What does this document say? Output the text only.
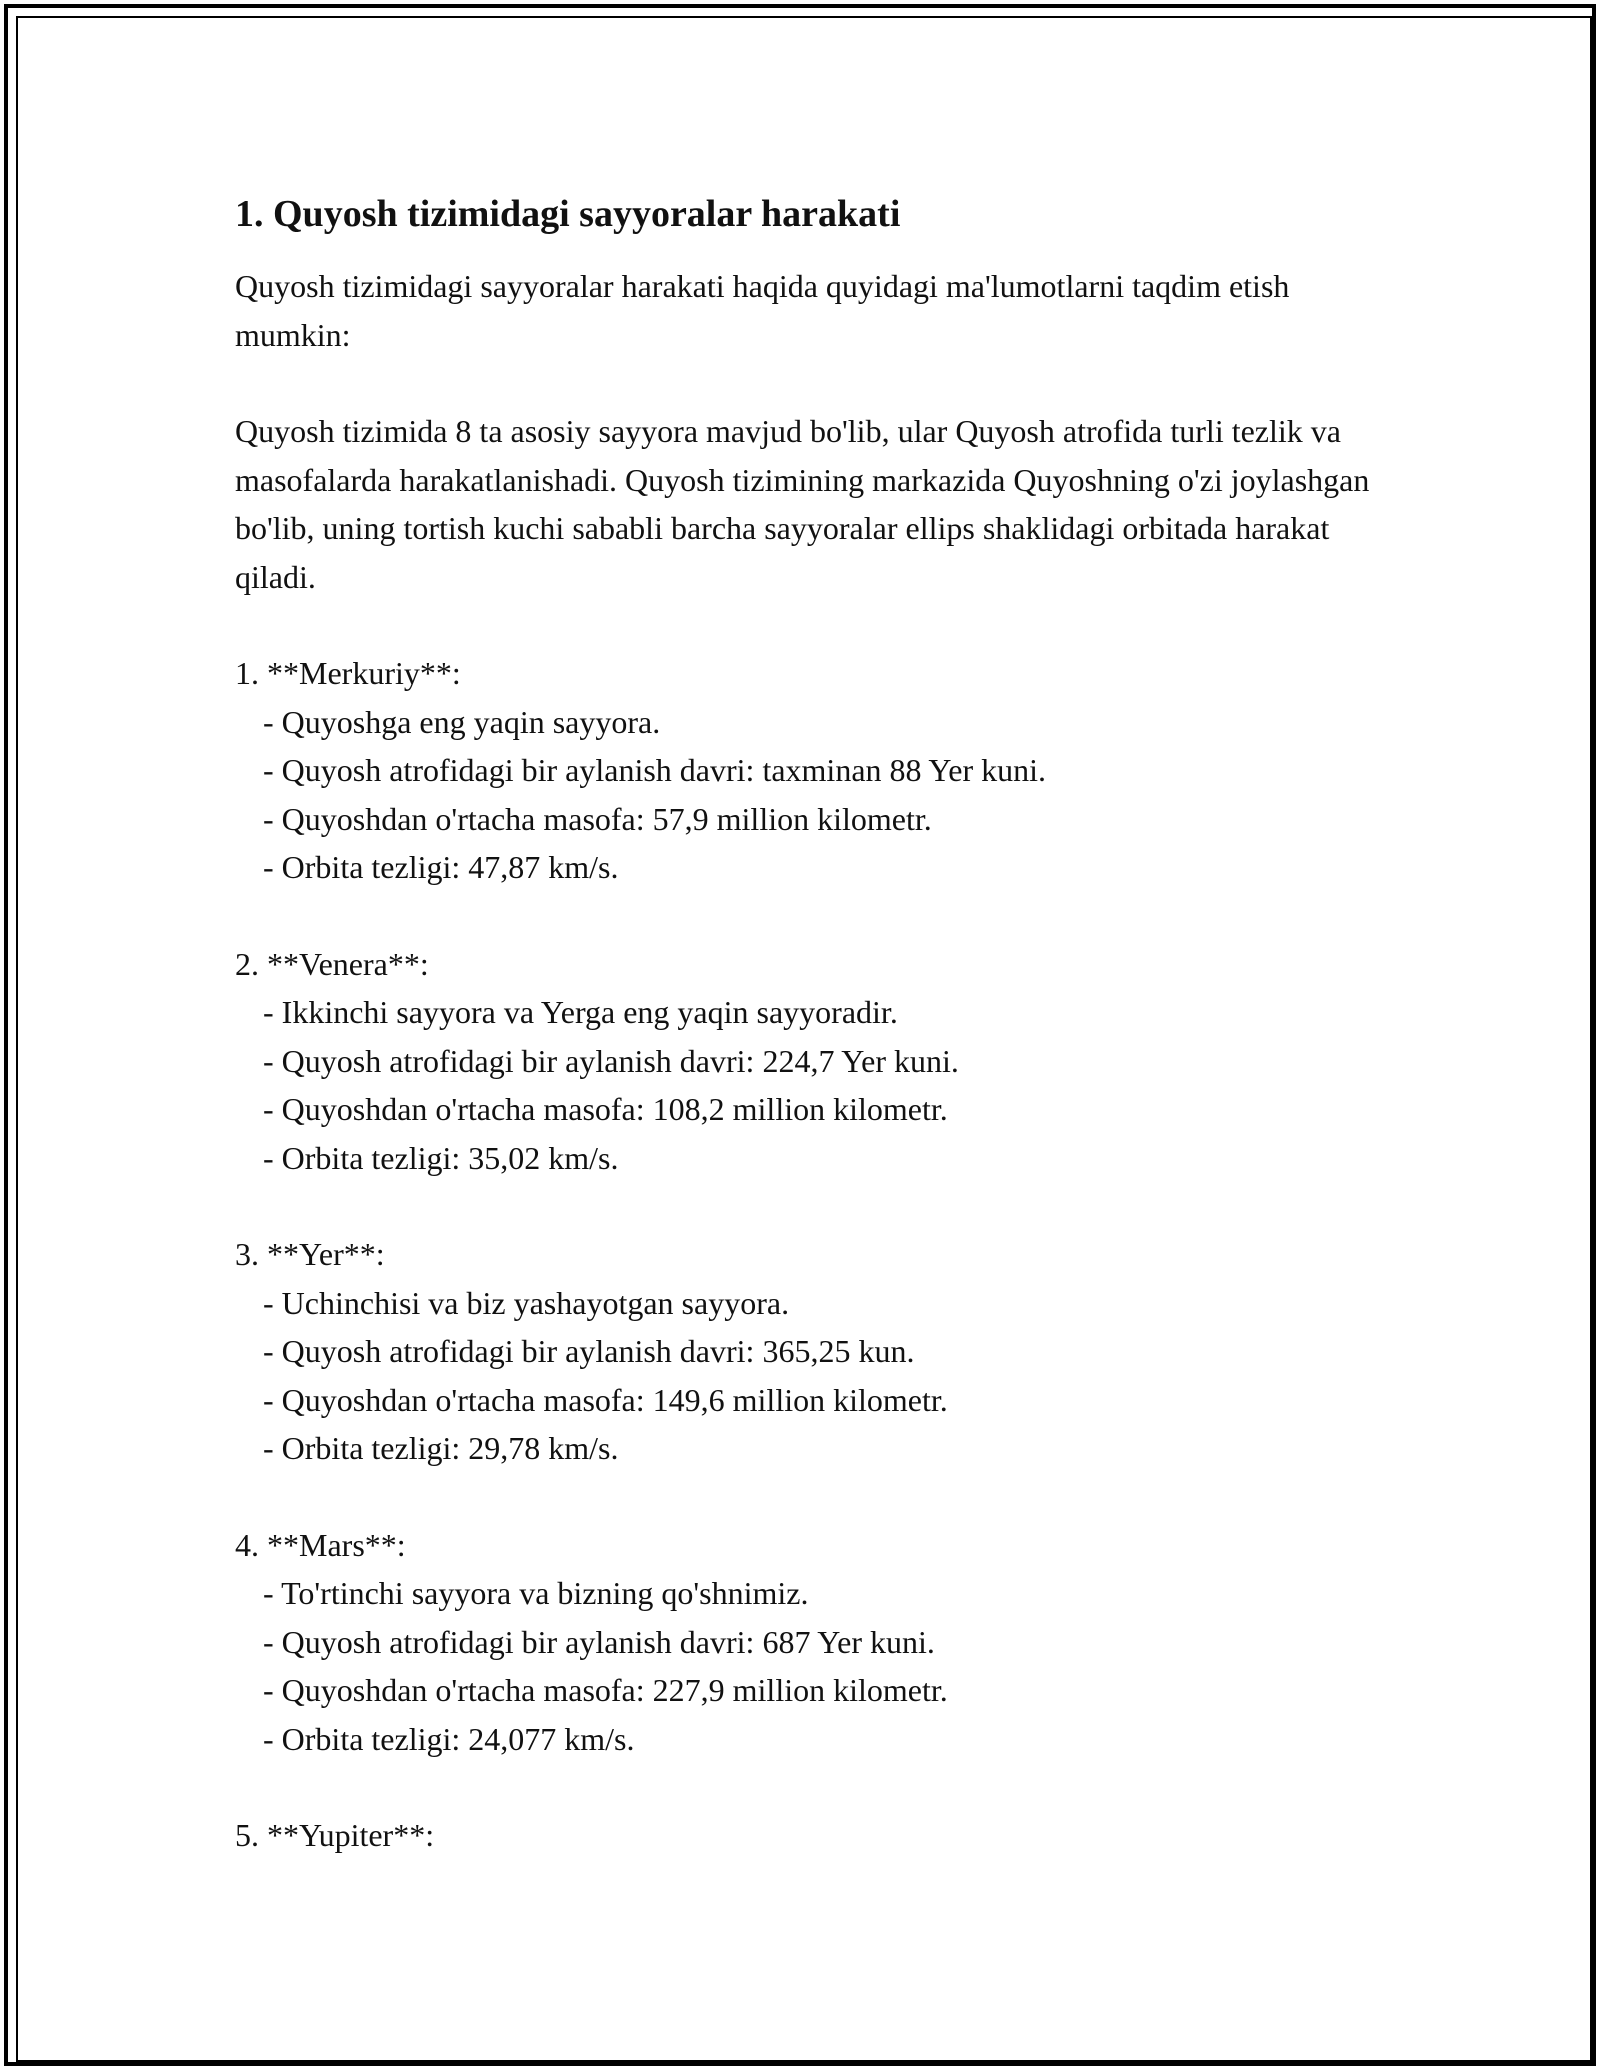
1. Quyosh tizimidagi sayyoralar harakati

Quyosh tizimidagi sayyoralar harakati haqida quyidagi ma'lumotlarni taqdim etish mumkin:

Quyosh tizimida 8 ta asosiy sayyora mavjud bo'lib, ular Quyosh atrofida turli tezlik va masofalarda harakatlanishadi. Quyosh tizimining markazida Quyoshning o'zi joylashgan bo'lib, uning tortish kuchi sababli barcha sayyoralar ellips shaklidagi orbitada harakat qiladi.

1. **Merkuriy**:
- Quyoshga eng yaqin sayyora.
- Quyosh atrofidagi bir aylanish davri: taxminan 88 Yer kuni.
- Quyoshdan o'rtacha masofa: 57,9 million kilometr.
- Orbita tezligi: 47,87 km/s.
2. **Venera**:
- Ikkinchi sayyora va Yerga eng yaqin sayyoradir.
- Quyosh atrofidagi bir aylanish davri: 224,7 Yer kuni.
- Quyoshdan o'rtacha masofa: 108,2 million kilometr.
- Orbita tezligi: 35,02 km/s.
3. **Yer**:
- Uchinchisi va biz yashayotgan sayyora.
- Quyosh atrofidagi bir aylanish davri: 365,25 kun.
- Quyoshdan o'rtacha masofa: 149,6 million kilometr.
- Orbita tezligi: 29,78 km/s.
4. **Mars**:
- To'rtinchi sayyora va bizning qo'shnimiz.
- Quyosh atrofidagi bir aylanish davri: 687 Yer kuni.
- Quyoshdan o'rtacha masofa: 227,9 million kilometr.
- Orbita tezligi: 24,077 km/s.
5. **Yupiter**:
